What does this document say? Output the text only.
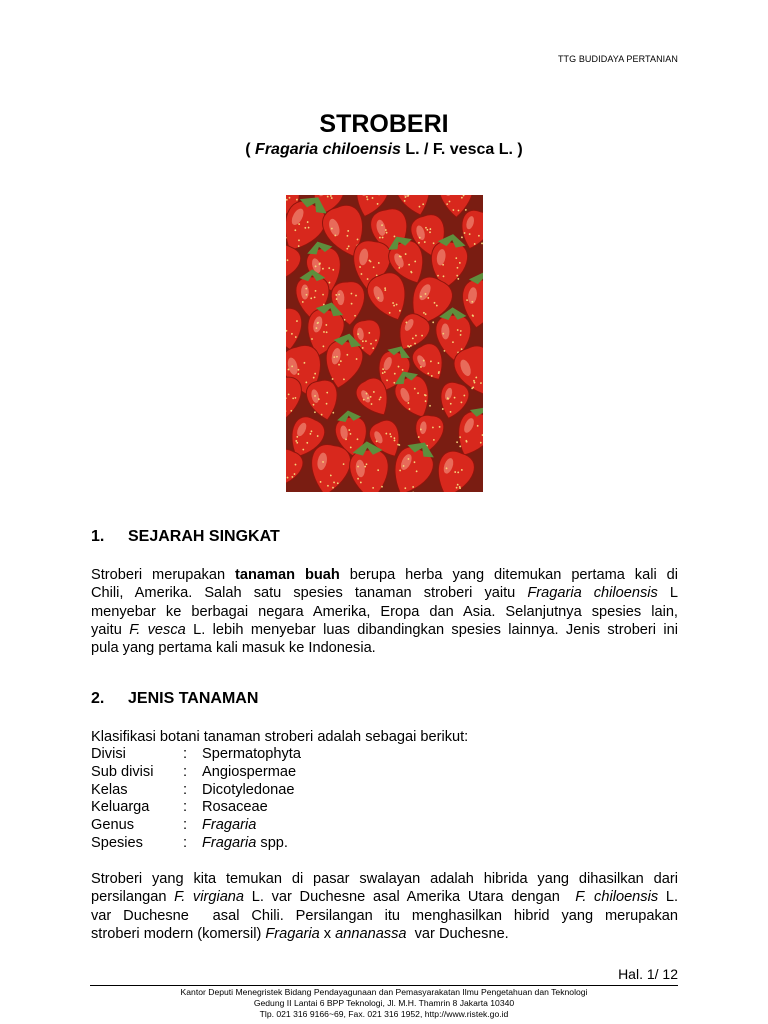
TTG BUDIDAYA PERTANIAN
STROBERI
( Fragaria chiloensis L. / F. vesca L. )
1. SEJARAH SINGKAT
Stroberi merupakan tanaman buah berupa herba yang ditemukan pertama kali di
Chili, Amerika. Salah satu spesies tanaman stroberi yaitu Fragaria chiloensis L
menyebar ke berbagai negara Amerika, Eropa dan Asia. Selanjutnya spesies lain,
yaitu F. vesca L. lebih menyebar luas dibandingkan spesies lainnya. Jenis stroberi ini
pula yang pertama kali masuk ke Indonesia.
2. JENIS TANAMAN
Klasifikasi botani tanaman stroberi adalah sebagai berikut:
Divisi	: Spermatophyta
Sub divisi : Angiospermae
Kelas	: Dicotyledonae
Keluarga : Rosaceae
Genus	: Fragaria
Spesies	: Fragaria spp.
Stroberi yang kita temukan di pasar swalayan adalah hibrida yang dihasilkan dari
persilangan F. virgiana L. var Duchesne asal Amerika Utara dengan  F. chiloensis L.
var Duchesne  asal Chili. Persilangan itu menghasilkan hibrid yang merupakan
stroberi modern (komersil) Fragaria x annanassa  var Duchesne.
Hal. 1/ 12
Kantor Deputi Menegristek Bidang Pendayagunaan dan Pemasyarakatan Ilmu Pengetahuan dan Teknologi
Gedung II Lantai 6 BPP Teknologi, Jl. M.H. Thamrin 8 Jakarta 10340
Tlp. 021 316 9166~69, Fax. 021 316 1952, http://www.ristek.go.id
